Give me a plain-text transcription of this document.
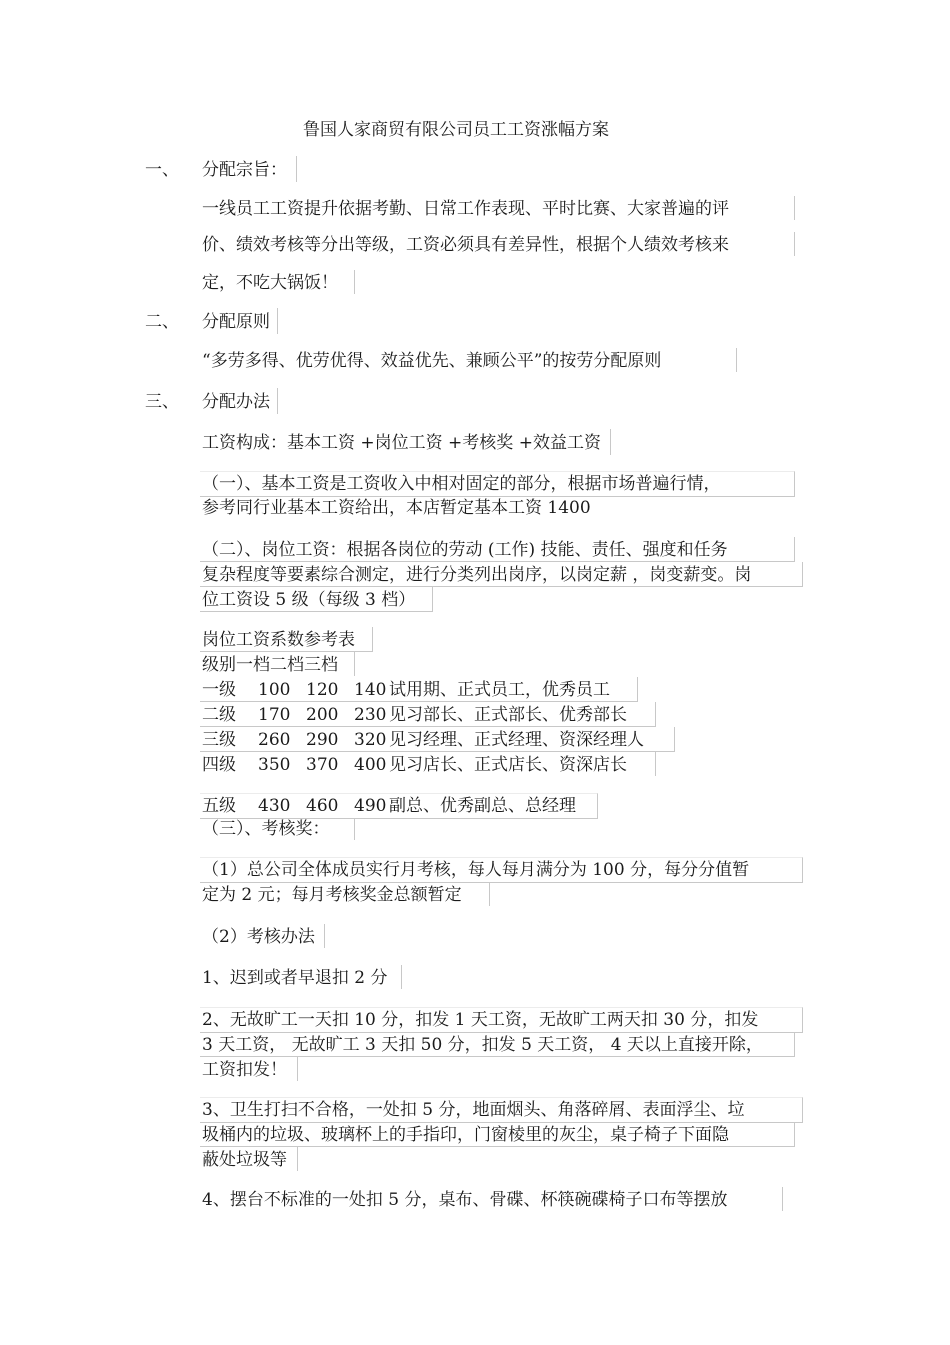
鲁国人家商贸有限公司员工工资涨幅方案
一、 分配宗旨：
一线员工工资提升依据考勤、日常工作表现、平时比赛、大家普遍的评
价、绩效考核等分出等级，工资必须具有差异性，根据个人绩效考核来
定，不吃大锅饭！
二、 分配原则
“多劳多得、优劳优得、效益优先、兼顾公平”的按劳分配原则
三、 分配办法
工资构成：基本工资 +岗位工资 +考核奖 +效益工资
（一）、基本工资是工资收入中相对固定的部分，根据市场普遍行情，
参考同行业基本工资给出，本店暂定基本工资 1400
（二）、岗位工资：根据各岗位的劳动 (工作) 技能、责任、强度和任务
复杂程度等要素综合测定，进行分类列出岗序，以岗定薪 ，岗变薪变。岗
位工资设 5 级（每级 3 档）
岗位工资系数参考表
级别一档二档三档
一级 100 120 140 试用期、正式员工，优秀员工
二级 170 200 230 见习部长、正式部长、优秀部长
三级 260 290 320 见习经理、正式经理、资深经理人
四级 350 370 400 见习店长、正式店长、资深店长
五级 430 460 490 副总、优秀副总、总经理
（三）、考核奖：
（1）总公司全体成员实行月考核，每人每月满分为 100 分，每分分值暂
定为 2 元；每月考核奖金总额暂定
（2）考核办法
1、迟到或者早退扣 2 分
2、无故旷工一天扣 10 分，扣发 1 天工资，无故旷工两天扣 30 分，扣发
3 天工资， 无故旷工 3 天扣 50 分，扣发 5 天工资， 4 天以上直接开除，
工资扣发！
3、卫生打扫不合格，一处扣 5 分，地面烟头、角落碎屑、表面浮尘、垃
圾桶内的垃圾、玻璃杯上的手指印，门窗棱里的灰尘，桌子椅子下面隐
蔽处垃圾等
4、摆台不标准的一处扣 5 分，桌布、骨碟、杯筷碗碟椅子口布等摆放
